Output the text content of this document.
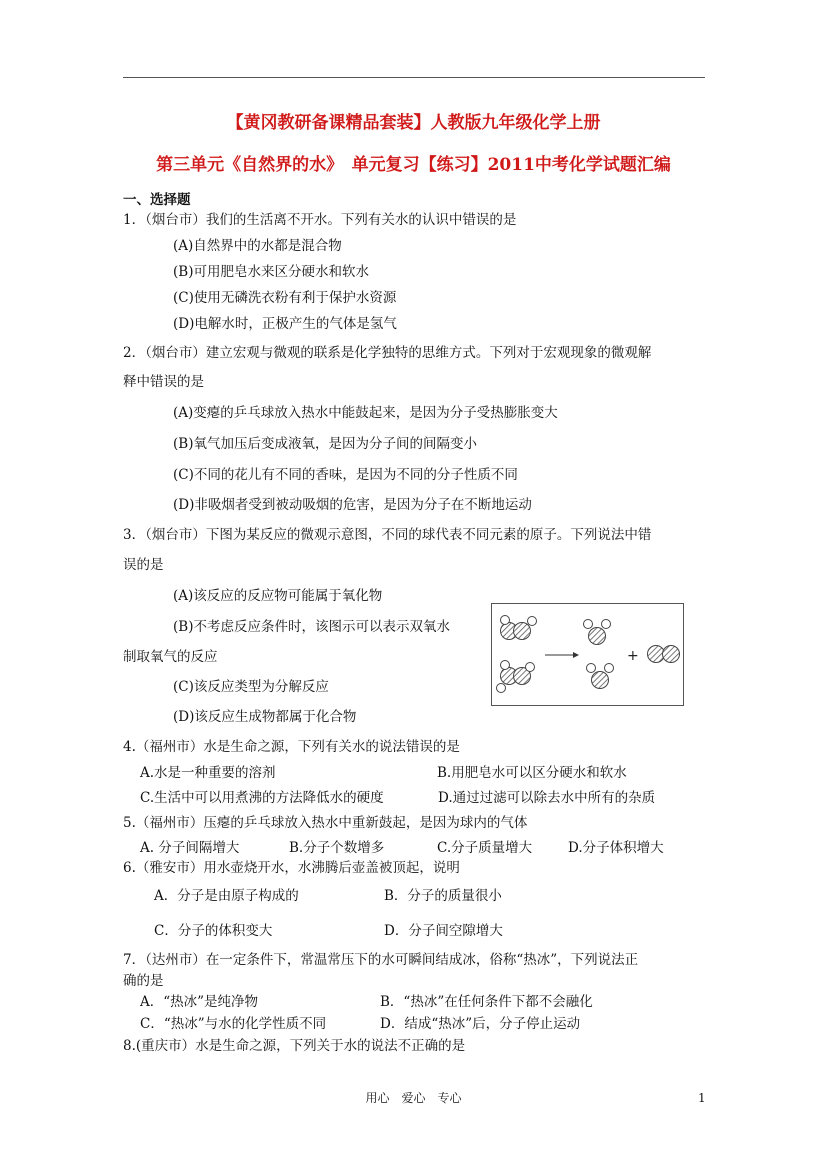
【黄冈教研备课精品套装】人教版九年级化学上册
第三单元《自然界的水》　单元复习【练习】2011中考化学试题汇编
一、选择题
1．（烟台市）我们的生活离不开水。下列有关水的认识中错误的是
(A)自然界中的水都是混合物
(B)可用肥皂水来区分硬水和软水
(C)使用无磷洗衣粉有利于保护水资源
(D)电解水时，正极产生的气体是氢气
2．（烟台市）建立宏观与微观的联系是化学独特的思维方式。下列对于宏观现象的微观解
释中错误的是
(A)变瘪的乒乓球放入热水中能鼓起来，是因为分子受热膨胀变大
(B)氧气加压后变成液氧，是因为分子间的间隔变小
(C)不同的花儿有不同的香味，是因为不同的分子性质不同
(D)非吸烟者受到被动吸烟的危害，是因为分子在不断地运动
3．（烟台市）下图为某反应的微观示意图，不同的球代表不同元素的原子。下列说法中错
误的是
(A)该反应的反应物可能属于氧化物
(B)不考虑反应条件时，该图示可以表示双氧水
制取氧气的反应
(C)该反应类型为分解反应
(D)该反应生成物都属于化合物
+
4.（福州市）水是生命之源，下列有关水的说法错误的是
A.水是一种重要的溶剂	B.用肥皂水可以区分硬水和软水
C.生活中可以用煮沸的方法降低水的硬度	D.通过过滤可以除去水中所有的杂质
5.（福州市）压瘪的乒乓球放入热水中重新鼓起，是因为球内的气体
A. 分子间隔增大	B.分子个数增多	C.分子质量增大	D.分子体积增大
6.（雅安市）用水壶烧开水，水沸腾后壶盖被顶起，说明
A．分子是由原子构成的	B．分子的质量很小
C．分子的体积变大	D．分子间空隙增大
7．（达州市）在一定条件下，常温常压下的水可瞬间结成冰，俗称“热冰”，下列说法正
确的是
A．“热冰”是纯净物	B．“热冰”在任何条件下都不会融化
C．“热冰”与水的化学性质不同	D．结成“热冰”后，分子停止运动
8.(重庆市）水是生命之源，下列关于水的说法不正确的是
用心　爱心　专心	1
